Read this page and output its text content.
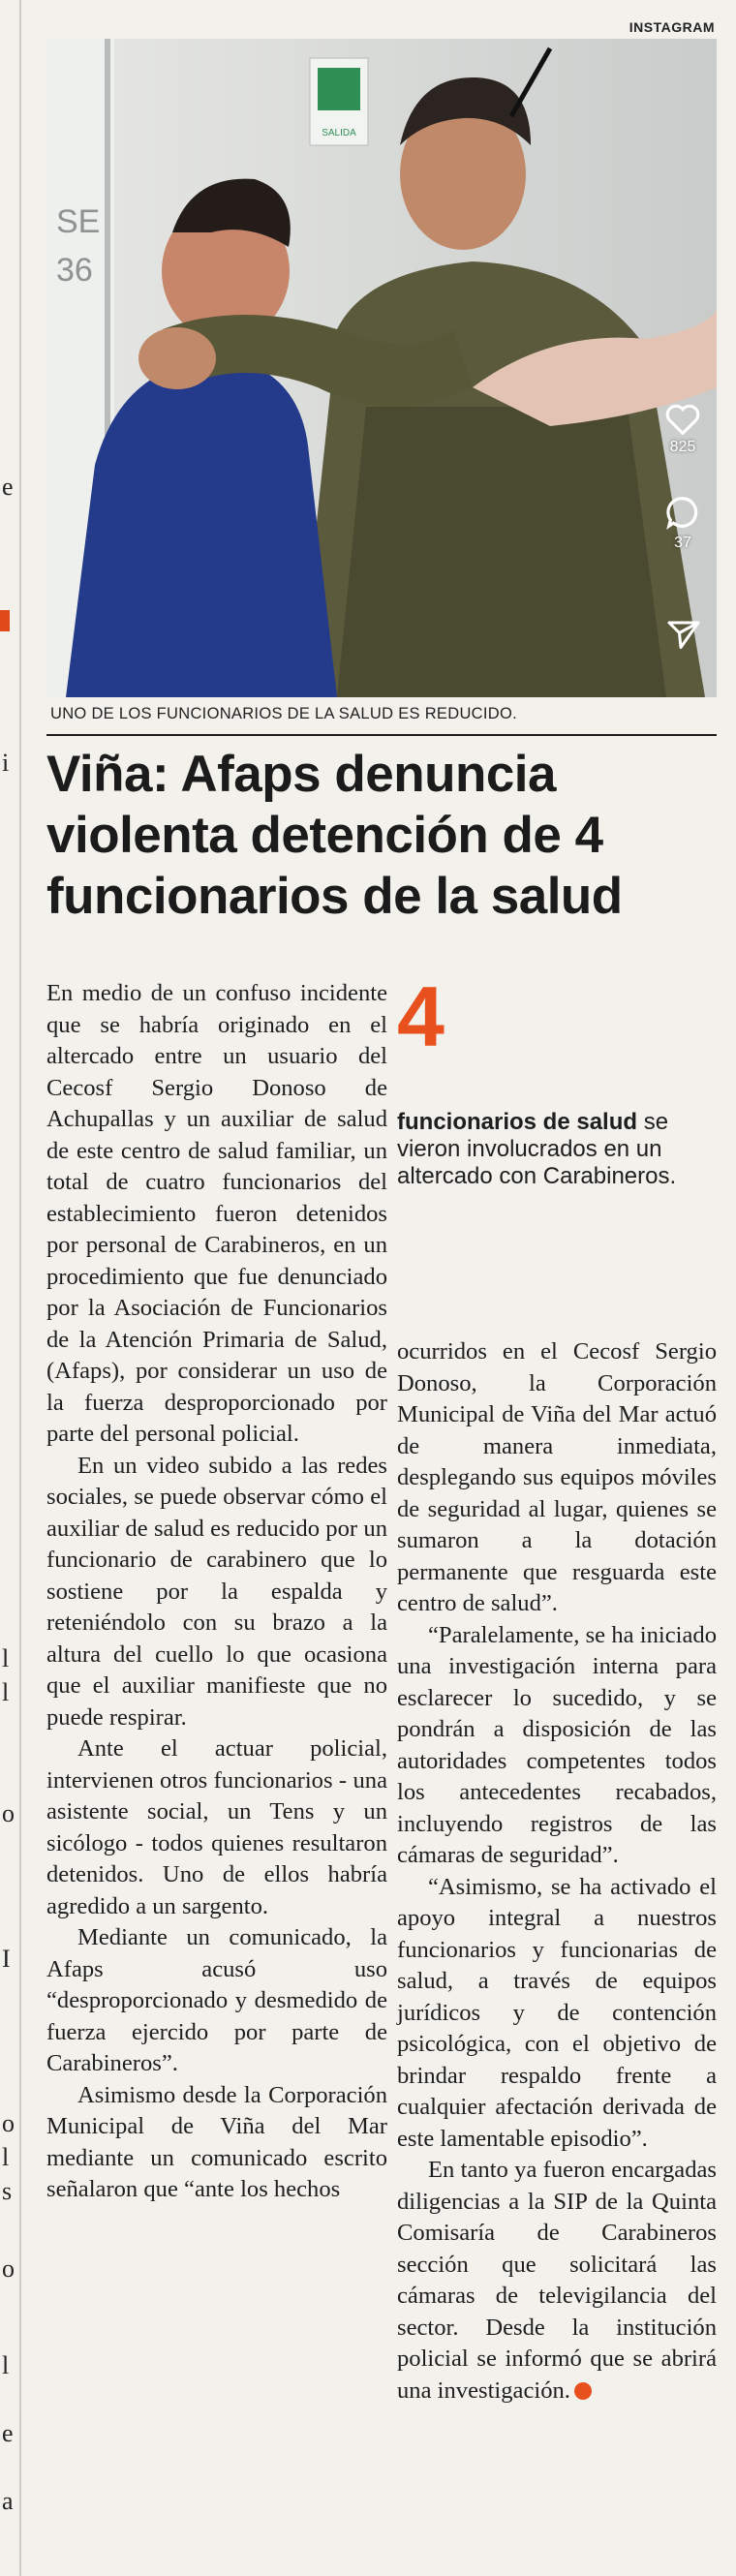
e
i
l
l
o
I
o
l
s
o
l
e
a
INSTAGRAM
SALIDA
SE
36
825
37
UNO DE LOS FUNCIONARIOS DE LA SALUD ES REDUCIDO.
Viña: Afaps denuncia violenta detención de 4 funcionarios de la salud

En medio de un confuso incidente que se habría originado en el altercado entre un usuario del Cecosf Sergio Donoso de Achupallas y un auxiliar de salud de este centro de salud familiar, un total de cuatro funcionarios del establecimiento fueron detenidos por personal de Carabineros, en un procedimiento que fue denunciado por la Asociación de Funcionarios de la Atención Primaria de Salud, (Afaps), por considerar un uso de la fuerza desproporcionado por parte del personal policial.

En un video subido a las redes sociales, se puede observar cómo el auxiliar de salud es reducido por un funcionario de carabinero que lo sostiene por la espalda y reteniéndolo con su brazo a la altura del cuello lo que ocasiona que el auxiliar manifieste que no puede respirar.

Ante el actuar policial, intervienen otros funcionarios - una asistente social, un Tens y un sicólogo - todos quienes resultaron detenidos. Uno de ellos habría agredido a un sargento.

Mediante un comunicado, la Afaps acusó uso “desproporcionado y desmedido de fuerza ejercido por parte de Carabineros”.

Asimismo desde la Corporación Municipal de Viña del Mar mediante un comunicado escrito señalaron que “ante los hechos

4
funcionarios de salud se vieron involucrados en un altercado con Carabineros.

ocurridos en el Cecosf Sergio Donoso, la Corporación Municipal de Viña del Mar actuó de manera inmediata, desplegando sus equipos móviles de seguridad al lugar, quienes se sumaron a la dotación permanente que resguarda este centro de salud”.

“Paralelamente, se ha iniciado una investigación interna para esclarecer lo sucedido, y se pondrán a disposición de las autoridades competentes todos los antecedentes recabados, incluyendo registros de las cámaras de seguridad”.

“Asimismo, se ha activado el apoyo integral a nuestros funcionarios y funcionarias de salud, a través de equipos jurídicos y de contención psicológica, con el objetivo de brindar respaldo frente a cualquier afectación derivada de este lamentable episodio”.

En tanto ya fueron encargadas diligencias a la SIP de la Quinta Comisaría de Carabineros sección que solicitará las cámaras de televigilancia del sector. Desde la institución policial se informó que se abrirá una investigación.
